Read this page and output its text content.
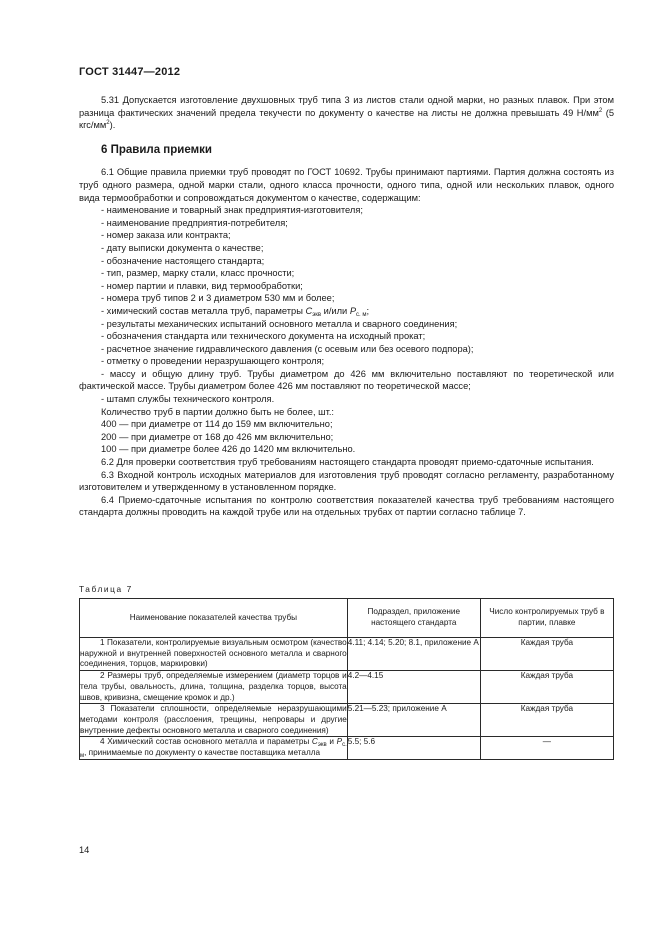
ГОСТ 31447—2012

5.31 Допускается изготовление двухшовных труб типа 3 из листов стали одной марки, но разных плавок. При этом разница фактических значений предела текучести по документу о качестве на листы не должна превышать 49 $Н/мм^2$ (5 кгс/$мм^2$).

6 Правила приемки

6.1 Общие правила приемки труб проводят по ГОСТ 10692. Трубы принимают партиями. Партия должна состоять из труб одного размера, одной марки стали, одного класса прочности, одного типа, одной или нескольких плавок, одного вида термообработки и сопровождаться документом о качестве, содержащим:

- наименование и товарный знак предприятия-изготовителя;
- наименование предприятия-потребителя;
- номер заказа или контракта;
- дату выписки документа о качестве;
- обозначение настоящего стандарта;
- тип, размер, марку стали, класс прочности;
- номер партии и плавки, вид термообработки;
- номера труб типов 2 и 3 диаметром 530 мм и более;
- химический состав металла труб, параметры $C_{экв}$ и/или $P_{с. м}$;
- результаты механических испытаний основного металла и сварного соединения;
- обозначения стандарта или технического документа на исходный прокат;
- расчетное значение гидравлического давления (с осевым или без осевого подпора);
- отметку о проведении неразрушающего контроля;

- массу и общую длину труб. Трубы диаметром до 426 мм включительно поставляют по теоретической или фактической массе. Трубы диаметром более 426 мм поставляют по теоретической массе;

- штамп службы технического контроля.
Количество труб в партии должно быть не более, шт.:
400 — при диаметре от 114 до 159 мм включительно;
200 — при диаметре от 168 до 426 мм включительно;
100 — при диаметре более 426 до 1420 мм включительно.

6.2 Для проверки соответствия труб требованиям настоящего стандарта проводят приемо-сдаточные испытания.

6.3 Входной контроль исходных материалов для изготовления труб проводят согласно регламенту, разработанному изготовителем и утвержденному в установленном порядке.

6.4 Приемо-сдаточные испытания по контролю соответствия показателей качества труб требованиям настоящего стандарта должны проводить на каждой трубе или на отдельных трубах от партии согласно таблице 7.

Таблица 7
Наименование показателей качества трубы	Подраздел, приложение настоящего стандарта	Число контролируемых труб в партии, плавке
1 Показатели, контролируемые визуальным осмотром (качество наружной и внутренней поверхностей основного металла и сварного соединения, торцов, маркировки)	4.11; 4.14; 5.20; 8.1, приложение А	Каждая труба
2 Размеры труб, определяемые измерением (диаметр торцов и тела трубы, овальность, длина, толщина, разделка торцов, высота швов, кривизна, смещение кромок и др.)	4.2—4.15	Каждая труба
3 Показатели сплошности, определяемые неразрушающими методами контроля (расслоения, трещины, непровары и другие внутренние дефекты основного металла и сварного соединения)	5.21—5.23; приложение А	Каждая труба
4 Химический состав основного металла и параметры $C_{экв}$ и $P_{с. м}$, принимаемые по документу о качестве поставщика металла	5.5; 5.6	—
14
